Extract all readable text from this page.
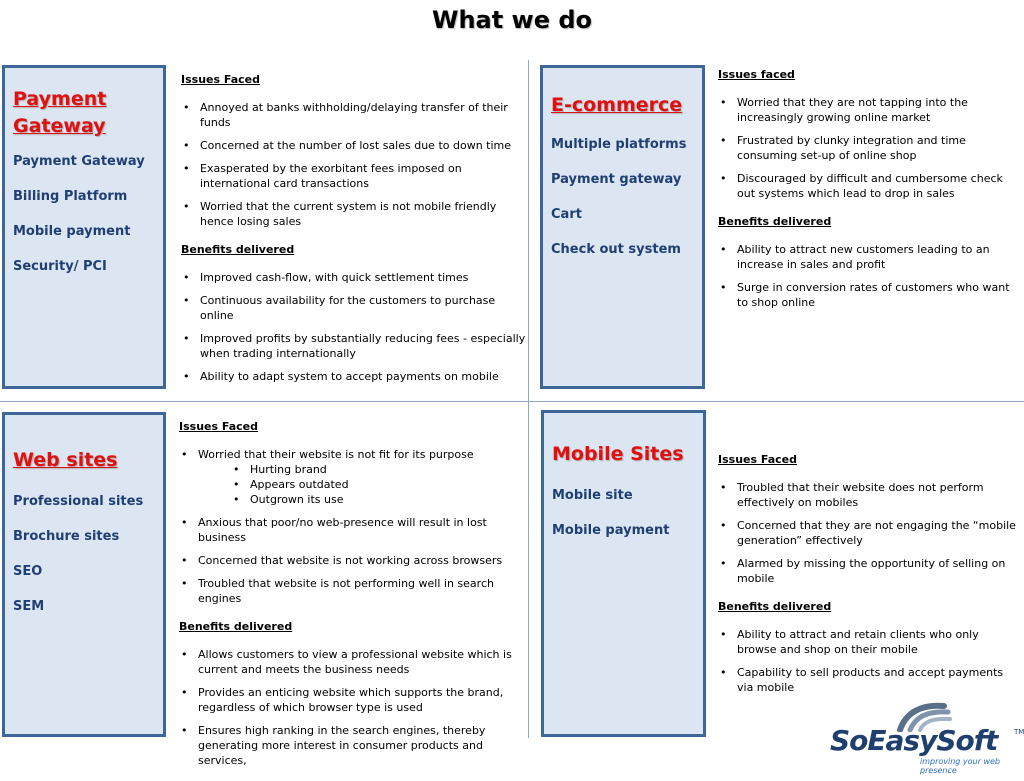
What we do
Payment Gateway
Payment Gateway
Billing Platform
Mobile payment
Security/ PCI
Issues Faced
• Annoyed at banks withholding/delaying transfer of their funds
• Concerned at the number of lost sales due to down time
• Exasperated by the exorbitant fees imposed on international card transactions
• Worried that the current system is not mobile friendly hence losing sales
Benefits delivered
• Improved cash-flow, with quick settlement times
• Continuous availability for the customers to purchase online
• Improved profits by substantially reducing fees - especially when trading internationally
• Ability to adapt system to accept payments on mobile
E-commerce
Multiple platforms
Payment gateway
Cart
Check out system
Issues faced
• Worried that they are not tapping into the increasingly growing online market
• Frustrated by clunky integration and time consuming set-up of online shop
• Discouraged by difficult and cumbersome check out systems which lead to drop in sales
Benefits delivered
• Ability to attract new customers leading to an increase in sales and profit
• Surge in conversion rates of customers who want to shop online
Web sites
Professional sites
Brochure sites
SEO
SEM
Issues Faced
• Worried that their website is not fit for its purpose
• Hurting brand
• Appears outdated
• Outgrown its use
• Anxious that poor/no web-presence will result in lost business
• Concerned that website is not working across browsers
• Troubled that website is not performing well in search engines
Benefits delivered
• Allows customers to view a professional website which is current and meets the business needs
• Provides an enticing website which supports the brand, regardless of which browser type is used
• Ensures high ranking in the search engines, thereby generating more interest in consumer products and services,
Mobile Sites
Mobile site
Mobile payment
Issues Faced
• Troubled that their website does not perform effectively on mobiles
• Concerned that they are not engaging the “mobile generation” effectively
• Alarmed by missing the opportunity of selling on mobile
Benefits delivered
• Ability to attract and retain clients who only browse and shop on their mobile
• Capability to sell products and accept payments via mobile
SoEasySoft TM
improving your web presence
